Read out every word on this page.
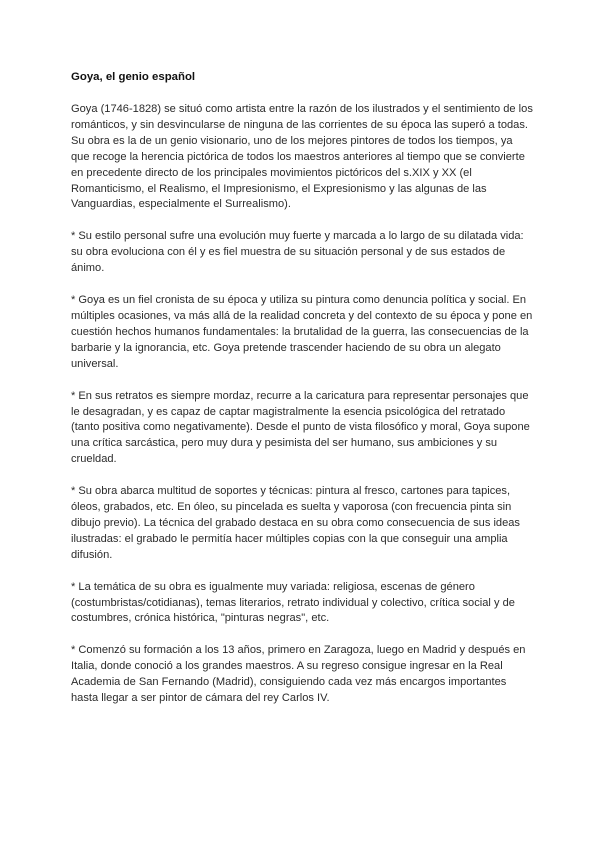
Goya, el genio español

Goya (1746-1828) se situó como artista entre la razón de los ilustrados y el sentimiento de los románticos, y sin desvincularse de ninguna de las corrientes de su época las superó a todas. Su obra es la de un genio visionario, uno de los mejores pintores de todos los tiempos, ya que recoge la herencia pictórica de todos los maestros anteriores al tiempo que se convierte en precedente directo de los principales movimientos pictóricos del s.XIX y XX (el Romanticismo, el Realismo, el Impresionismo, el Expresionismo y las algunas de las Vanguardias, especialmente el Surrealismo).

* Su estilo personal sufre una evolución muy fuerte y marcada a lo largo de su dilatada vida: su obra evoluciona con él y es fiel muestra de su situación personal y de sus estados de ánimo.

* Goya es un fiel cronista de su época y utiliza su pintura como denuncia política y social. En múltiples ocasiones, va más allá de la realidad concreta y del contexto de su época y pone en cuestión hechos humanos fundamentales: la brutalidad de la guerra, las consecuencias de la barbarie y la ignorancia, etc. Goya pretende trascender haciendo de su obra un alegato universal.

* En sus retratos es siempre mordaz, recurre a la caricatura para representar personajes que le desagradan, y es capaz de captar magistralmente la esencia psicológica del retratado (tanto positiva como negativamente). Desde el punto de vista filosófico y moral, Goya supone una crítica sarcástica, pero muy dura y pesimista del ser humano, sus ambiciones y su crueldad.

* Su obra abarca multitud de soportes y técnicas: pintura al fresco, cartones para tapices, óleos, grabados, etc. En óleo, su pincelada es suelta y vaporosa (con frecuencia pinta sin dibujo previo). La técnica del grabado destaca en su obra como consecuencia de sus ideas ilustradas: el grabado le permitía hacer múltiples copias con la que conseguir una amplia difusión.

* La temática de su obra es igualmente muy variada: religiosa, escenas de género (costumbristas/cotidianas), temas literarios, retrato individual y colectivo, crítica social y de costumbres, crónica histórica, "pinturas negras", etc.

* Comenzó su formación a los 13 años, primero en Zaragoza, luego en Madrid y después en Italia, donde conoció a los grandes maestros. A su regreso consigue ingresar en la Real Academia de San Fernando (Madrid), consiguiendo cada vez más encargos importantes hasta llegar a ser pintor de cámara del rey Carlos IV.
